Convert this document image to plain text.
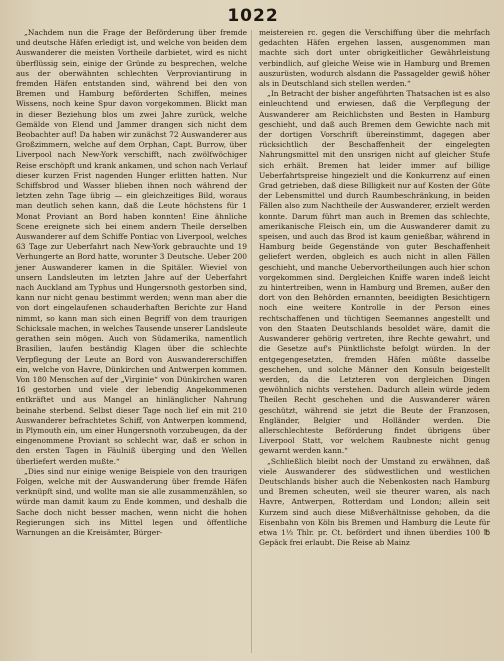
1022

„Nachdem nun die Frage der Beförderung über fremde und deutsche Häfen erledigt ist, und welche von beiden dem Auswanderer die meisten Vortheile darbietet, wird es nicht überflüssig sein, einige der Gründe zu besprechen, welche aus der oberwähnten schlechten Verproviantirung in fremden Häfen entstanden sind, während bei den von Bremen und Hamburg beförderten Schiffen, meines Wissens, noch keine Spur davon vorgekommen. Blickt man in dieser Beziehung blos um zwei Jahre zurück, welche Gemälde von Elend und Jammer drangen sich nicht dem Beobachter auf! Da haben wir zunächst 72 Auswanderer aus Großzimmern, welche auf dem Orphan, Capt. Burrow, über Liverpool nach New-York verschifft, nach zwölfwöchiger Reise erschöpft und krank ankamen, und schon nach Verlauf dieser kurzen Frist nagenden Hunger erlitten hatten. Nur Schiffsbrod und Wasser blieben ihnen noch während der letzten zehn Tage übrig — ein gleichzeitiges Bild, woraus man deutlich sehen kann, daß die Leute höchstens für 1 Monat Proviant an Bord haben konnten! Eine ähnliche Scene ereignete sich bei einem andern Theile derselben Auswanderer auf dem Schiffe Pontiac von Liverpool, welches 63 Tage zur Ueberfahrt nach New-York gebrauchte und 19 Verhungerte an Bord hatte, worunter 3 Deutsche. Ueber 200 jener Auswanderer kamen in die Spitäler. Wieviel von unsern Landsleuten im letzten Jahre auf der Ueberfahrt nach Auckland am Typhus und Hungersnoth gestorben sind, kann nur nicht genau bestimmt werden; wenn man aber die von dort eingelaufenen schauderhaften Berichte zur Hand nimmt, so kann man sich einen Begriff von dem traurigen Schicksale machen, in welches Tausende unserer Landsleute gerathen sein mögen. Auch von Südamerika, namentlich Brasilien, laufen beständig Klagen über die schlechte Verpflegung der Leute an Bord von Auswandererschiffen ein, welche von Havre, Dünkirchen und Antwerpen kommen. Von 180 Menschen auf der „Virginie“ von Dünkirchen waren 16 gestorben und viele der lebendig Angekommenen entkräftet und aus Mangel an hinlänglicher Nahrung beinahe sterbend. Selbst dieser Tage noch lief ein mit 210 Auswanderer befrachtetes Schiff, von Antwerpen kommend, in Plymouth ein, um einer Hungersnoth vorzubeugen, da der eingenommene Proviant so schlecht war, daß er schon in den ersten Tagen in Fäulniß überging und den Wellen überliefert werden mußte.“

„Dies sind nur einige wenige Beispiele von den traurigen Folgen, welche mit der Auswanderung über fremde Häfen verknüpft sind, und wollte man sie alle zusammenzählen, so würde man damit kaum zu Ende kommen, und deshalb die Sache doch nicht besser machen, wenn nicht die hohen Regierungen sich ins Mittel legen und öffentliche Warnungen an die Kreisämter, Bürger-

meistereien rc. gegen die Verschiffung über die mehrfach gedachten Häfen ergehen lassen, ausgenommen man machte sich dort unter obrigkeitlicher Gewährleistung verbindlich, auf gleiche Weise wie in Hamburg und Bremen auszurüsten, wodurch alsdann die Passagelder gewiß höher als in Deutschland sich stellen werden.“

„In Betracht der bisher angeführten Thatsachen ist es also einleuchtend und erwiesen, daß die Verpflegung der Auswanderer am Reichlichsten und Besten in Hamburg geschieht, und daß auch Bremen dem Gewichte nach mit der dortigen Vorschrift übereinstimmt, dagegen aber rücksichtlich der Beschaffenheit der eingelegten Nahrungsmittel mit den unsrigen nicht auf gleicher Stufe sich erhält. Bremen hat leider immer auf billige Ueberfahrtspreise hingezielt und die Konkurrenz auf einen Grad getrieben, daß diese Billigkeit nur auf Kosten der Güte der Lebensmittel und durch Raumbeschränkung, in beiden Fällen also zum Nachtheile der Auswanderer, erzielt werden konnte. Darum führt man auch in Bremen das schlechte, amerikanische Fleisch ein, um die Auswanderer damit zu speisen, und auch das Brod ist kaum genießbar, während in Hamburg beide Gegenstände von guter Beschaffenheit geliefert werden, obgleich es auch nicht in allen Fällen geschieht, und manche Uebervortheilungen auch hier schon vorgekommen sind. Dergleichen Kniffe waren indeß leicht zu hintertreiben, wenn in Hamburg und Bremen, außer den dort von den Behörden ernannten, beeidigten Besichtigern noch eine weitere Kontrolle in der Person eines rechtschaffenen und tüchtigen Seemannes angestellt und von den Staaten Deutschlands besoldet wäre, damit die Auswanderer gehörig vertreten, ihre Rechte gewahrt, und die Gesetze auf's Pünktlichste befolgt würden. In der entgegengesetzten, fremden Häfen müßte dasselbe geschehen, und solche Männer den Konsuln beigestellt werden, da die Letzteren von dergleichen Dingen gewöhnlich nichts verstehen. Dadurch allein würde jedem Theilen Recht geschehen und die Auswanderer wären geschützt, während sie jetzt die Beute der Franzosen, Engländer, Belgier und Holländer werden. Die allerschlechteste Beförderung findet übrigens über Liverpool Statt, vor welchem Raubneste nicht genug gewarnt werden kann.“

„Schließlich bleibt noch der Umstand zu erwähnen, daß viele Auswanderer des südwestlichen und westlichen Deutschlands bisher auch die Nebenkosten nach Hamburg und Bremen scheuten, weil sie theurer waren, als nach Havre, Antwerpen, Rotterdam und London; allein seit Kurzem sind auch diese Mißverhältnisse gehoben, da die Eisenbahn von Köln bis Bremen und Hamburg die Leute für etwa 1⅓ Thlr. pr. Ct. befördert und ihnen überdies 100 ℔ Gepäck frei erlaubt. Die Reise ab Mainz
